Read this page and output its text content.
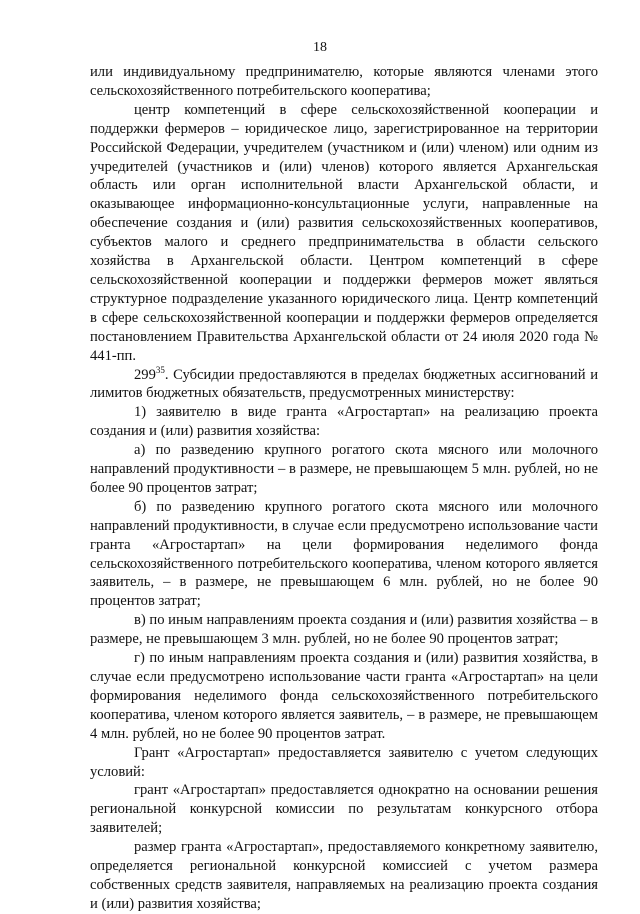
18

или индивидуальному предпринимателю, которые являются членами этого сельскохозяйственного потребительского кооператива;

центр компетенций в сфере сельскохозяйственной кооперации и поддержки фермеров – юридическое лицо, зарегистрированное на территории Российской Федерации, учредителем (участником и (или) членом) или одним из учредителей (участников и (или) членов) которого является Архангельская область или орган исполнительной власти Архангельской области, и оказывающее информационно-консультационные услуги, направленные на обеспечение создания и (или) развития сельскохозяйственных кооперативов, субъектов малого и среднего предпринимательства в области сельского хозяйства в Архангельской области. Центром компетенций в сфере сельскохозяйственной кооперации и поддержки фермеров может являться структурное подразделение указанного юридического лица. Центр компетенций в сфере сельскохозяйственной кооперации и поддержки фермеров определяется постановлением Правительства Архангельской области от 24 июля 2020 года № 441-пп.

$299^{35}$. Субсидии предоставляются в пределах бюджетных ассигнований и лимитов бюджетных обязательств, предусмотренных министерству:

1) заявителю в виде гранта «Агростартап» на реализацию проекта создания и (или) развития хозяйства:

а) по разведению крупного рогатого скота мясного или молочного направлений продуктивности – в размере, не превышающем 5 млн. рублей, но не более 90 процентов затрат;

б) по разведению крупного рогатого скота мясного или молочного направлений продуктивности, в случае если предусмотрено использование части гранта «Агростартап» на цели формирования неделимого фонда сельскохозяйственного потребительского кооператива, членом которого является заявитель, – в размере, не превышающем 6 млн. рублей, но не более 90 процентов затрат;

в) по иным направлениям проекта создания и (или) развития хозяйства – в размере, не превышающем 3 млн. рублей, но не более 90 процентов затрат;

г) по иным направлениям проекта создания и (или) развития хозяйства, в случае если предусмотрено использование части гранта «Агростартап» на цели формирования неделимого фонда сельскохозяйственного потребительского кооператива, членом которого является заявитель, – в размере, не превышающем 4 млн. рублей, но не более 90 процентов затрат.

Грант «Агростартап» предоставляется заявителю с учетом следующих условий:

грант «Агростартап» предоставляется однократно на основании решения региональной конкурсной комиссии по результатам конкурсного отбора заявителей;

размер гранта «Агростартап», предоставляемого конкретному заявителю, определяется региональной конкурсной комиссией с учетом размера собственных средств заявителя, направляемых на реализацию проекта создания и (или) развития хозяйства;
